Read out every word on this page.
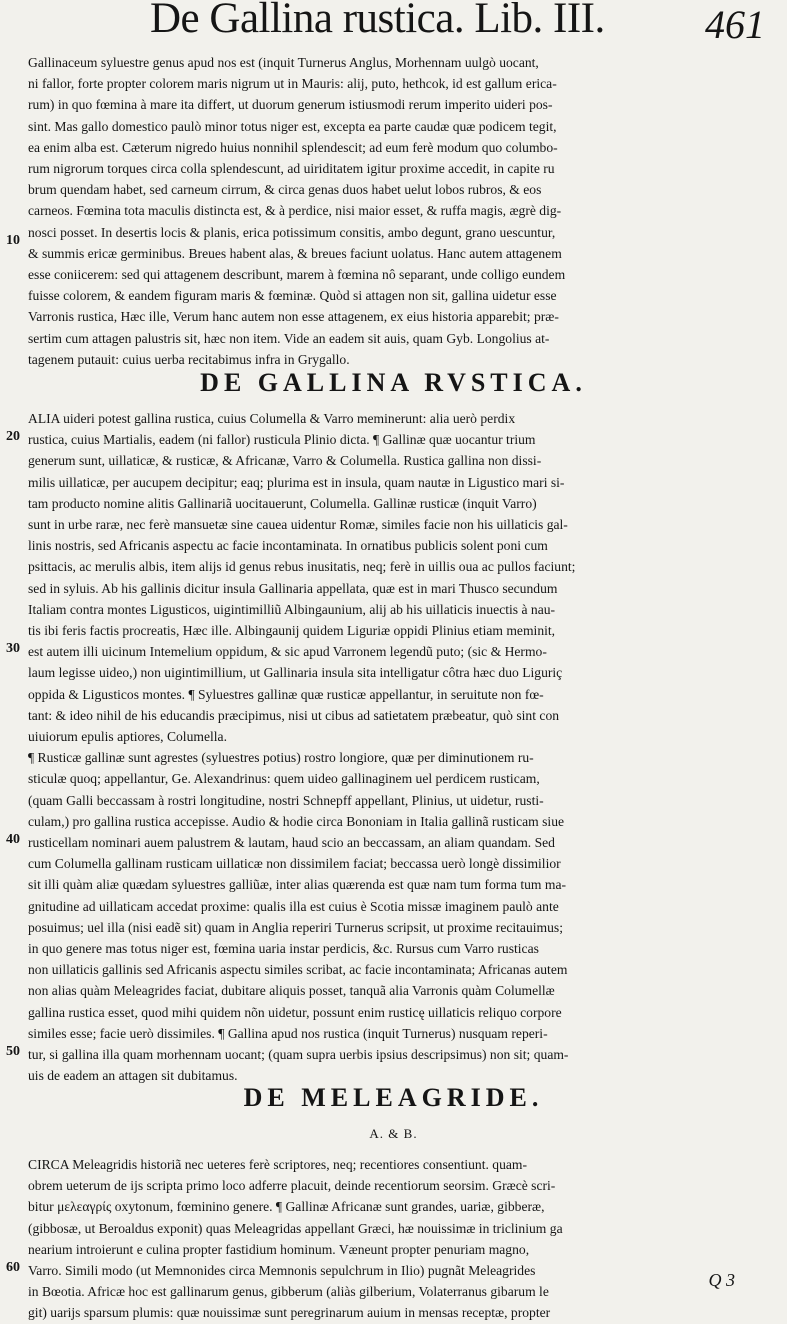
De Gallina rustica. Lib. III.	461
Gallinaceum syluestre genus apud nos est (inquit Turnerus Anglus, Morhennam uulgò uocant,
ni fallor, forte propter colorem maris nigrum ut in Mauris: alij, puto, hethcok, id est gallum erica-
rum) in quo fœmina à mare ita differt, ut duorum generum istiusmodi rerum imperito uideri pos-
sint. Mas gallo domestico paulò minor totus niger est, excepta ea parte caudæ quæ podicem tegit,
ea enim alba est. Cæterum nigredo huius nonnihil splendescit; ad eum ferè modum quo columbo-
rum nigrorum torques circa colla splendescunt, ad uiriditatem igitur proxime accedit, in capite ru
brum quendam habet, sed carneum cirrum, & circa genas duos habet uelut lobos rubros, & eos
carneos. Fœmina tota maculis distincta est, & à perdice, nisi maior esset, & ruffa magis, ægrè dig-
nosci posset. In desertis locis & planis, erica potissimum consitis, ambo degunt, grano uescuntur,
& summis ericæ germinibus. Breues habent alas, & breues faciunt uolatus. Hanc autem attagenem
esse coniicerem: sed qui attagenem describunt, marem à fœmina nô separant, unde colligo eundem
fuisse colorem, & eandem figuram maris & fœminæ. Quòd si attagen non sit, gallina uidetur esse
Varronis rustica, Hæc ille, Verum hanc autem non esse attagenem, ex eius historia apparebit; præ-
sertim cum attagen palustris sit, hæc non item. Vide an eadem sit auis, quam Gyb. Longolius at-
tagenem putauit: cuius uerba recitabimus infra in Grygallo.
DE GALLINA RVSTICA.
ALIA uideri potest gallina rustica, cuius Columella & Varro meminerunt: alia uerò perdix
rustica, cuius Martialis, eadem (ni fallor) rusticula Plinio dicta. ¶ Gallinæ quæ uocantur trium
generum sunt, uillaticæ, & rusticæ, & Africanæ, Varro & Columella. Rustica gallina non dissi-
milis uillaticæ, per aucupem decipitur; eaq; plurima est in insula, quam nautæ in Ligustico mari si-
tam producto nomine alitis Gallinariã uocitauerunt, Columella. Gallinæ rusticæ (inquit Varro)
sunt in urbe raræ, nec ferè mansuetæ sine cauea uidentur Romæ, similes facie non his uillaticis gal-
linis nostris, sed Africanis aspectu ac facie incontaminata. In ornatibus publicis solent poni cum
psittacis, ac merulis albis, item alijs id genus rebus inusitatis, neq; ferè in uillis oua ac pullos faciunt;
sed in syluis. Ab his gallinis dicitur insula Gallinaria appellata, quæ est in mari Thusco secundum
Italiam contra montes Ligusticos, uigintimilliũ Albingaunium, alij ab his uillaticis inuectis à nau-
tis ibi feris factis procreatis, Hæc ille. Albingaunij quidem Liguriæ oppidi Plinius etiam meminit,
est autem illi uicinum Intemelium oppidum, & sic apud Varronem legendũ puto; (sic & Hermo-
laum legisse uideo,) non uigintimillium, ut Gallinaria insula sita intelligatur côtra hæc duo Liguriç
oppida & Ligusticos montes. ¶ Syluestres gallinæ quæ rusticæ appellantur, in seruitute non fœ-
tant: & ideo nihil de his educandis præcipimus, nisi ut cibus ad satietatem præbeatur, quò sint con
uiuiorum epulis aptiores, Columella.
¶ Rusticæ gallinæ sunt agrestes (syluestres potius) rostro longiore, quæ per diminutionem ru-
sticulæ quoq; appellantur, Ge. Alexandrinus: quem uideo gallinaginem uel perdicem rusticam,
(quam Galli beccassam à rostri longitudine, nostri Schnepff appellant, Plinius, ut uidetur, rusti-
culam,) pro gallina rustica accepisse. Audio & hodie circa Bononiam in Italia gallinã rusticam siue
rusticellam nominari auem palustrem & lautam, haud scio an beccassam, an aliam quandam. Sed
cum Columella gallinam rusticam uillaticæ non dissimilem faciat; beccassa uerò longè dissimilior
sit illi quàm aliæ quædam syluestres galliũæ, inter alias quærenda est quæ nam tum forma tum ma-
gnitudine ad uillaticam accedat proxime: qualis illa est cuius è Scotia missæ imaginem paulò ante
posuimus; uel illa (nisi eadẽ sit) quam in Anglia reperiri Turnerus scripsit, ut proxime recitauimus;
in quo genere mas totus niger est, fœmina uaria instar perdicis, &c. Rursus cum Varro rusticas
non uillaticis gallinis sed Africanis aspectu similes scribat, ac facie incontaminata; Africanas autem
non alias quàm Meleagrides faciat, dubitare aliquis posset, tanquã alia Varronis quàm Columellæ
gallina rustica esset, quod mihi quidem nõn uidetur, possunt enim rusticę uillaticis reliquo corpore
similes esse; facie uerò dissimiles. ¶ Gallina apud nos rustica (inquit Turnerus) nusquam reperi-
tur, si gallina illa quam morhennam uocant; (quam supra uerbis ipsius descripsimus) non sit; quam-
uis de eadem an attagen sit dubitamus.
DE MELEAGRIDE.
A. & B.
CIRCA Meleagridis historiã nec ueteres ferè scriptores, neq; recentiores consentiunt. quam-
obrem ueterum de ijs scripta primo loco adferre placuit, deinde recentiorum seorsim. Græcè scri-
bitur μελεαγρίς oxytonum, fœminino genere. ¶ Gallinæ Africanæ sunt grandes, uariæ, gibberæ,
(gibbosæ, ut Beroaldus exponit) quas Meleagridas appellant Græci, hæ nouissimæ in triclinium ga
nearium introierunt e culina propter fastidium hominum. Væneunt propter penuriam magno,
Varro. Simili modo (ut Memnonides circa Memnonis sepulchrum in Ilio) pugnãt Meleagrides
in Bœotia. Africæ hoc est gallinarum genus, gibberum (aliàs gilberium, Volaterranus gibarum le
git) uarijs sparsum plumis: quæ nouissimæ sunt peregrinarum auium in mensas receptæ, propter
10
20
30
40
50
60
Q 3
